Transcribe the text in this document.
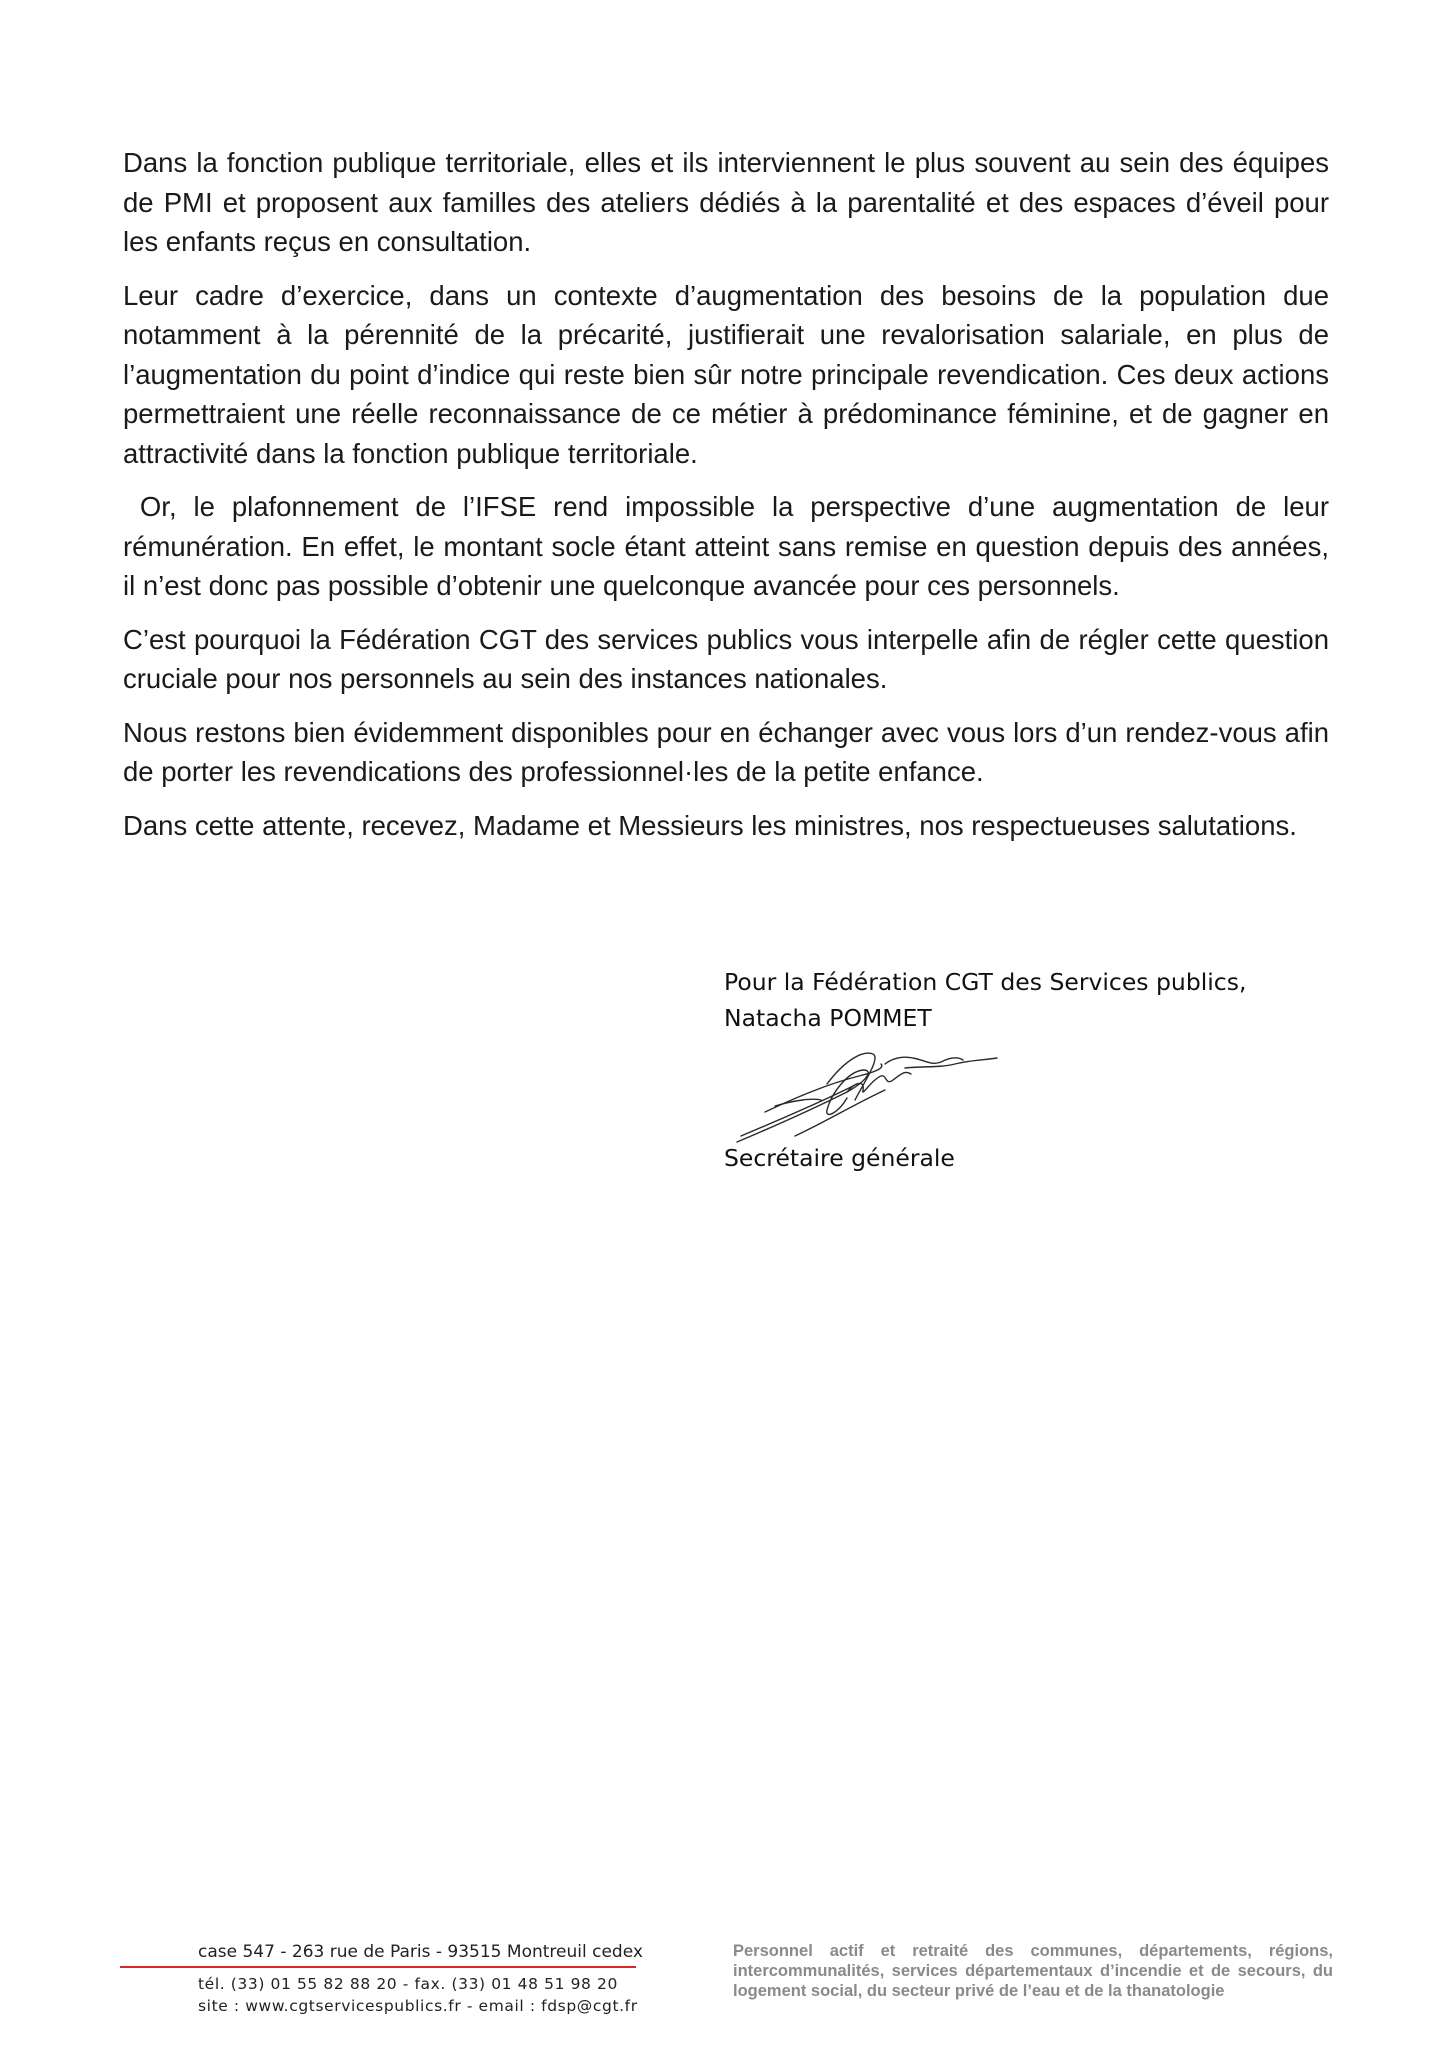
Dans la fonction publique territoriale, elles et ils interviennent le plus souvent au sein des équipes de PMI et proposent aux familles des ateliers dédiés à la parentalité et des espaces d’éveil pour les enfants reçus en consultation.

Leur cadre d’exercice, dans un contexte d’augmentation des besoins de la population due notamment à la pérennité de la précarité, justifierait une revalorisation salariale, en plus de l’augmentation du point d’indice qui reste bien sûr notre principale revendication. Ces deux actions permettraient une réelle reconnaissance de ce métier à prédominance féminine, et de gagner en attractivité dans la fonction publique territoriale.

Or, le plafonnement de l’IFSE rend impossible la perspective d’une augmentation de leur rémunération. En effet, le montant socle étant atteint sans remise en question depuis des années, il n’est donc pas possible d’obtenir une quelconque avancée pour ces personnels.

C’est pourquoi la Fédération CGT des services publics vous interpelle afin de régler cette question cruciale pour nos personnels au sein des instances nationales.

Nous restons bien évidemment disponibles pour en échanger avec vous lors d’un rendez-vous afin de porter les revendications des professionnel·les de la petite enfance.

Dans cette attente, recevez, Madame et Messieurs les ministres, nos respectueuses salutations.

Pour la Fédération CGT des Services publics,
Natacha POMMET
Secrétaire générale
case 547 - 263 rue de Paris - 93515 Montreuil cedex
tél. (33) 01 55 82 88 20 - fax. (33) 01 48 51 98 20
site : www.cgtservicespublics.fr - email : fdsp@cgt.fr
Personnel actif et retraité des communes, départements, régions, intercommunalités, services départementaux d’incendie et de secours, du logement social, du secteur privé de l’eau et de la thanatologie
